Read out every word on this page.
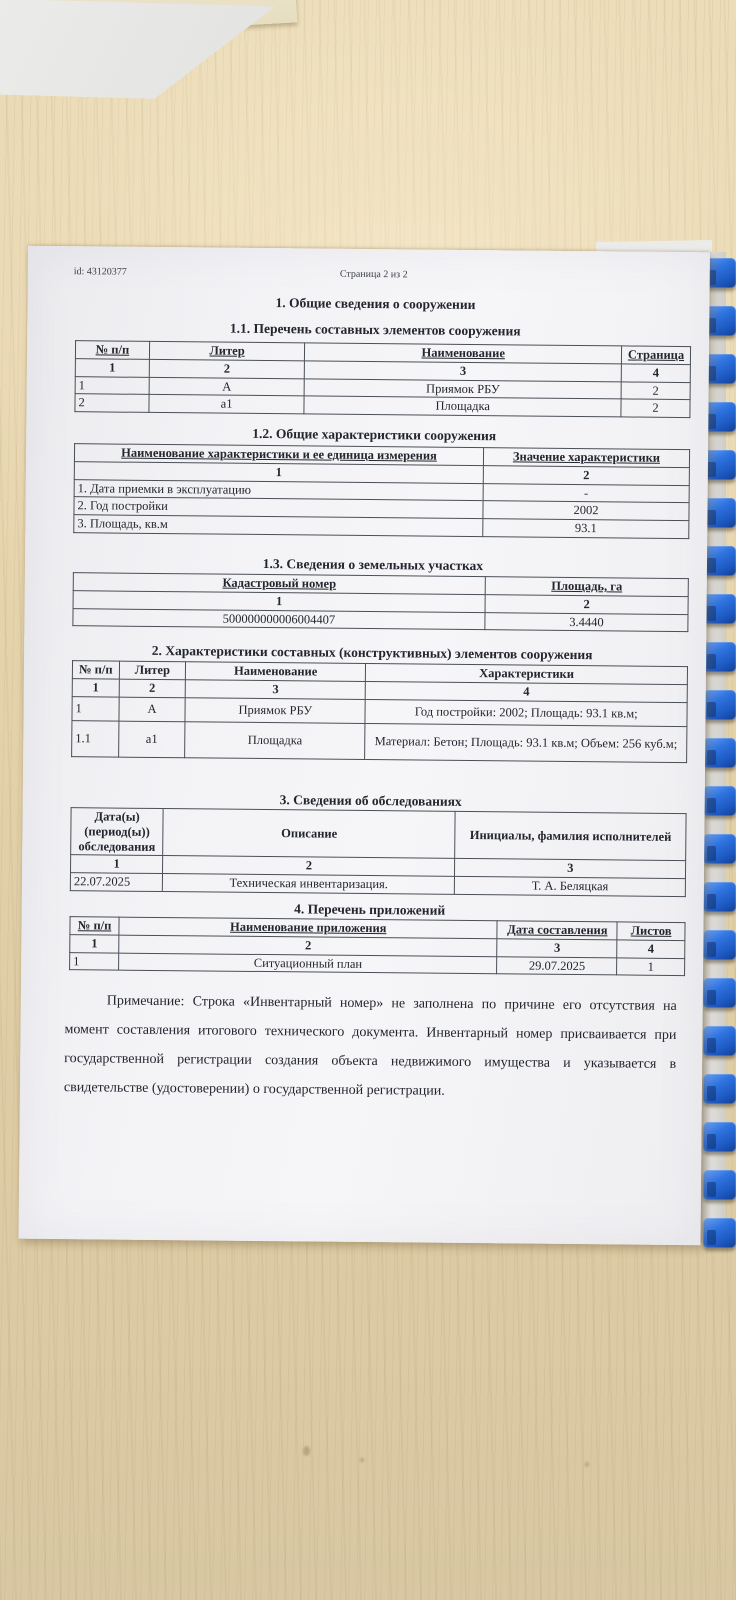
id: 43120377	Страница 2 из 2
1. Общие сведения о сооружении
1.1. Перечень составных элементов сооружения
№ п/п	Литер	Наименование	Страница
1	2	3	4
1	А	Приямок РБУ	2
2	а1	Площадка	2
1.2. Общие характеристики сооружения
Наименование характеристики и ее единица измерения	Значение характеристики
1	2
1. Дата приемки в эксплуатацию	-
2. Год постройки	2002
3. Площадь, кв.м	93.1
1.3. Сведения о земельных участках
Кадастровый номер	Площадь, га
1	2
500000000006004407	3.4440
2. Характеристики составных (конструктивных) элементов сооружения
№ п/п	Литер	Наименование	Характеристики
1	2	3	4
1	А	Приямок РБУ	Год постройки: 2002; Площадь: 93.1 кв.м;
1.1	а1	Площадка	Материал: Бетон; Площадь: 93.1 кв.м; Объем: 256 куб.м;
3. Сведения об обследованиях
Дата(ы) (период(ы)) обследования	Описание	Инициалы, фамилия исполнителей
1	2	3
22.07.2025	Техническая инвентаризация.	Т. А. Беляцкая
4. Перечень приложений
№ п/п	Наименование приложения	Дата составления	Листов
1	2	3	4
1	Ситуационный план	29.07.2025	1
Примечание: Строка «Инвентарный номер» не заполнена по причине его отсутствия на момент составления итогового технического документа. Инвентарный номер присваивается при государственной регистрации создания объекта недвижимого имущества и указывается в свидетельстве (удостоверении) о государственной регистрации.
